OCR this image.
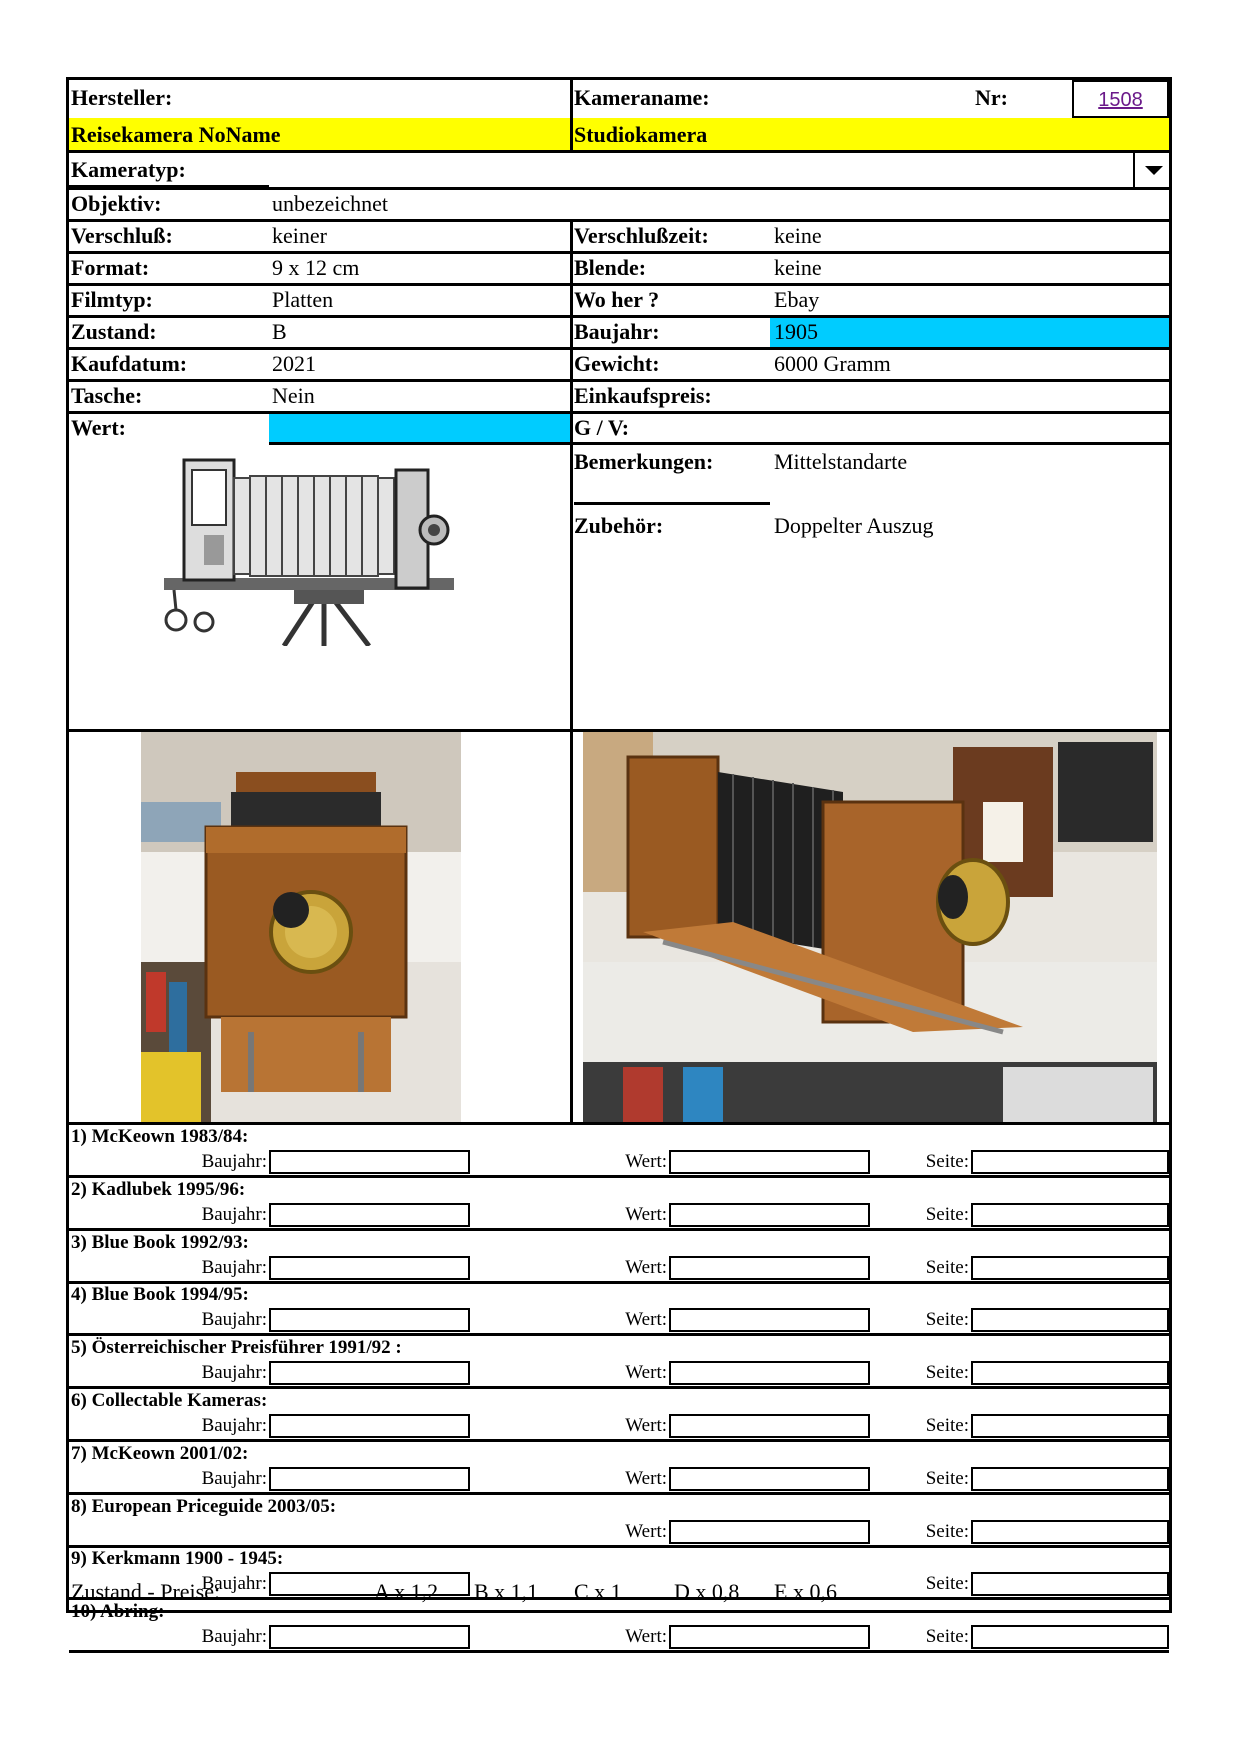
Hersteller:	Kameraname:	Nr:	1508
Reisekamera NoName	Studiokamera
Kameratyp:
Objektiv:	unbezeichnet
Verschluß:	keiner	Verschlußzeit:	keine
Format:	9 x 12 cm	Blende:	keine
Filmtyp:	Platten	Wo her ?	Ebay
Zustand:	B	Baujahr:	1905
Kaufdatum:	2021	Gewicht:	6000 Gramm
Tasche:	Nein	Einkaufspreis:
Wert:	G / V:
Bemerkungen:	Mittelstandarte
Zubehör:	Doppelter Auszug
1) McKeown 1983/84:
Baujahr:	Wert:	Seite:
2) Kadlubek 1995/96:
Baujahr:	Wert:	Seite:
3) Blue Book 1992/93:
Baujahr:	Wert:	Seite:
4) Blue Book 1994/95:
Baujahr:	Wert:	Seite:
5) Österreichischer Preisführer 1991/92 :
Baujahr:	Wert:	Seite:
6) Collectable Kameras:
Baujahr:	Wert:	Seite:
7) McKeown 2001/02:
Baujahr:	Wert:	Seite:
8) European Priceguide 2003/05:
Wert:	Seite:
9) Kerkmann 1900 - 1945:
Baujahr:	Seite:
10) Abring:
Baujahr:	Wert:	Seite:
Zustand - Preise:	A x 1,2 B x 1,1 C x 1 D x 0,8 E x 0,6
